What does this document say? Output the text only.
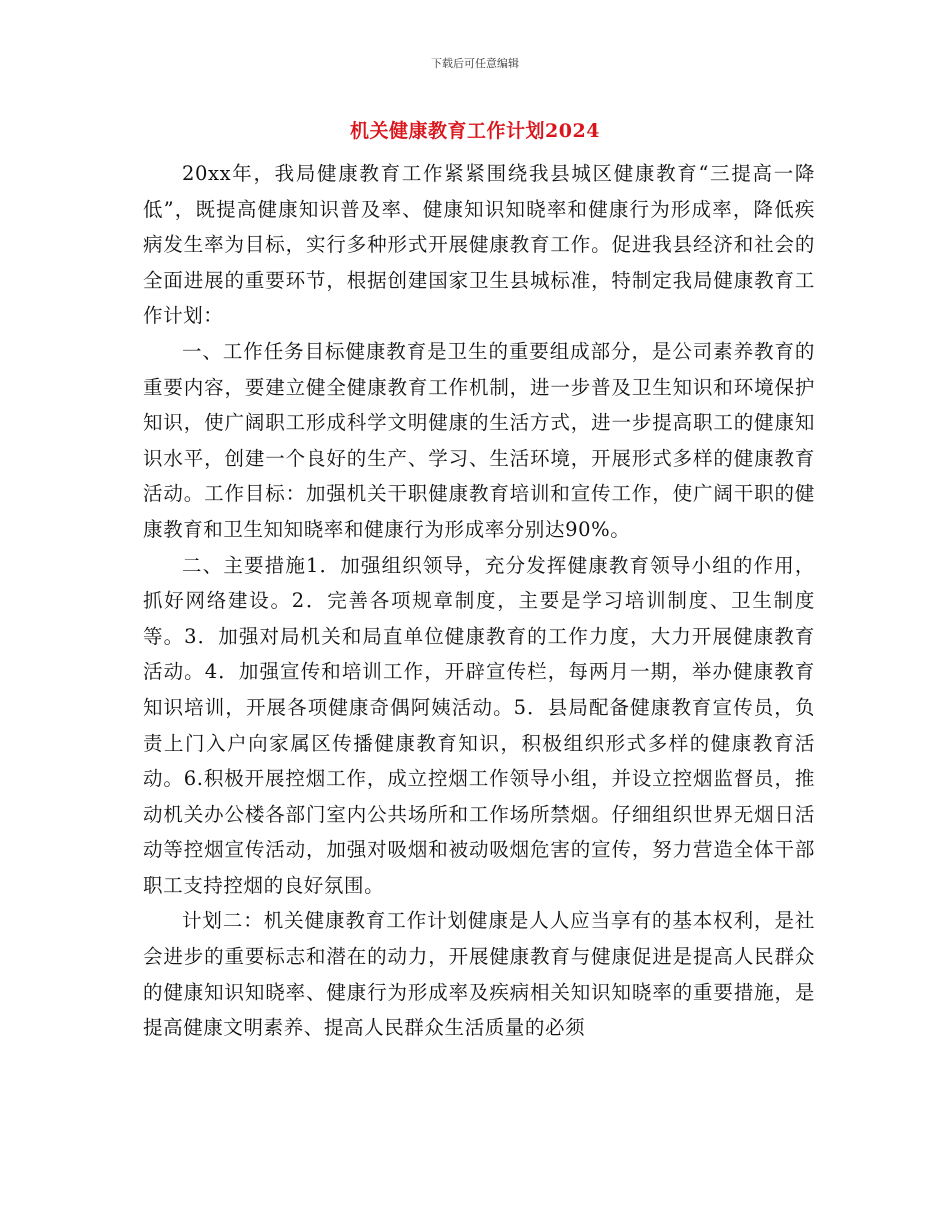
下载后可任意编辑
机关健康教育工作计划2024

20xx年，我局健康教育工作紧紧围绕我县城区健康教育“三提高一降低”，既提高健康知识普及率、健康知识知晓率和健康行为形成率，降低疾病发生率为目标，实行多种形式开展健康教育工作。促进我县经济和社会的全面进展的重要环节，根据创建国家卫生县城标准，特制定我局健康教育工作计划：

一、工作任务目标健康教育是卫生的重要组成部分，是公司素养教育的重要内容，要建立健全健康教育工作机制，进一步普及卫生知识和环境保护知识，使广阔职工形成科学文明健康的生活方式，进一步提高职工的健康知识水平，创建一个良好的生产、学习、生活环境，开展形式多样的健康教育活动。工作目标：加强机关干职健康教育培训和宣传工作，使广阔干职的健康教育和卫生知知晓率和健康行为形成率分别达90%。

二、主要措施1．加强组织领导，充分发挥健康教育领导小组的作用，抓好网络建设。2．完善各项规章制度，主要是学习培训制度、卫生制度等。3．加强对局机关和局直单位健康教育的工作力度，大力开展健康教育活动。4．加强宣传和培训工作，开辟宣传栏，每两月一期，举办健康教育知识培训，开展各项健康奇偶阿姨活动。5．县局配备健康教育宣传员，负责上门入户向家属区传播健康教育知识，积极组织形式多样的健康教育活动。6.积极开展控烟工作，成立控烟工作领导小组，并设立控烟监督员，推动机关办公楼各部门室内公共场所和工作场所禁烟。仔细组织世界无烟日活动等控烟宣传活动，加强对吸烟和被动吸烟危害的宣传，努力营造全体干部职工支持控烟的良好氛围。

计划二：机关健康教育工作计划健康是人人应当享有的基本权利，是社会进步的重要标志和潜在的动力，开展健康教育与健康促进是提高人民群众的健康知识知晓率、健康行为形成率及疾病相关知识知晓率的重要措施，是提高健康文明素养、提高人民群众生活质量的必须
